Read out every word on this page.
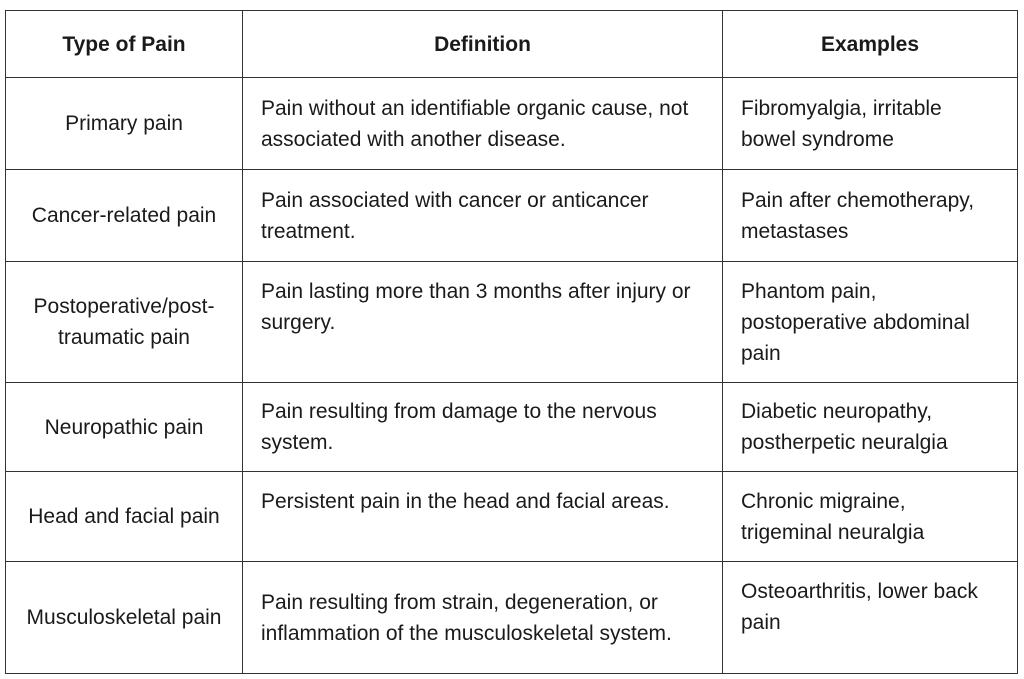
Type of Pain	Definition	Examples
Primary pain	Pain without an identifiable organic cause, not associated with another disease.	Fibromyalgia, irritable bowel syndrome
Cancer-related pain	Pain associated with cancer or anticancer treatment.	Pain after chemotherapy, metastases
Postoperative/post-traumatic pain	Pain lasting more than 3 months after injury or surgery.	Phantom pain, postoperative abdominal pain
Neuropathic pain	Pain resulting from damage to the nervous system.	Diabetic neuropathy, postherpetic neuralgia
Head and facial pain	Persistent pain in the head and facial areas.	Chronic migraine, trigeminal neuralgia
Musculoskeletal pain	Pain resulting from strain, degeneration, or inflammation of the musculoskeletal system.	Osteoarthritis, lower back pain
